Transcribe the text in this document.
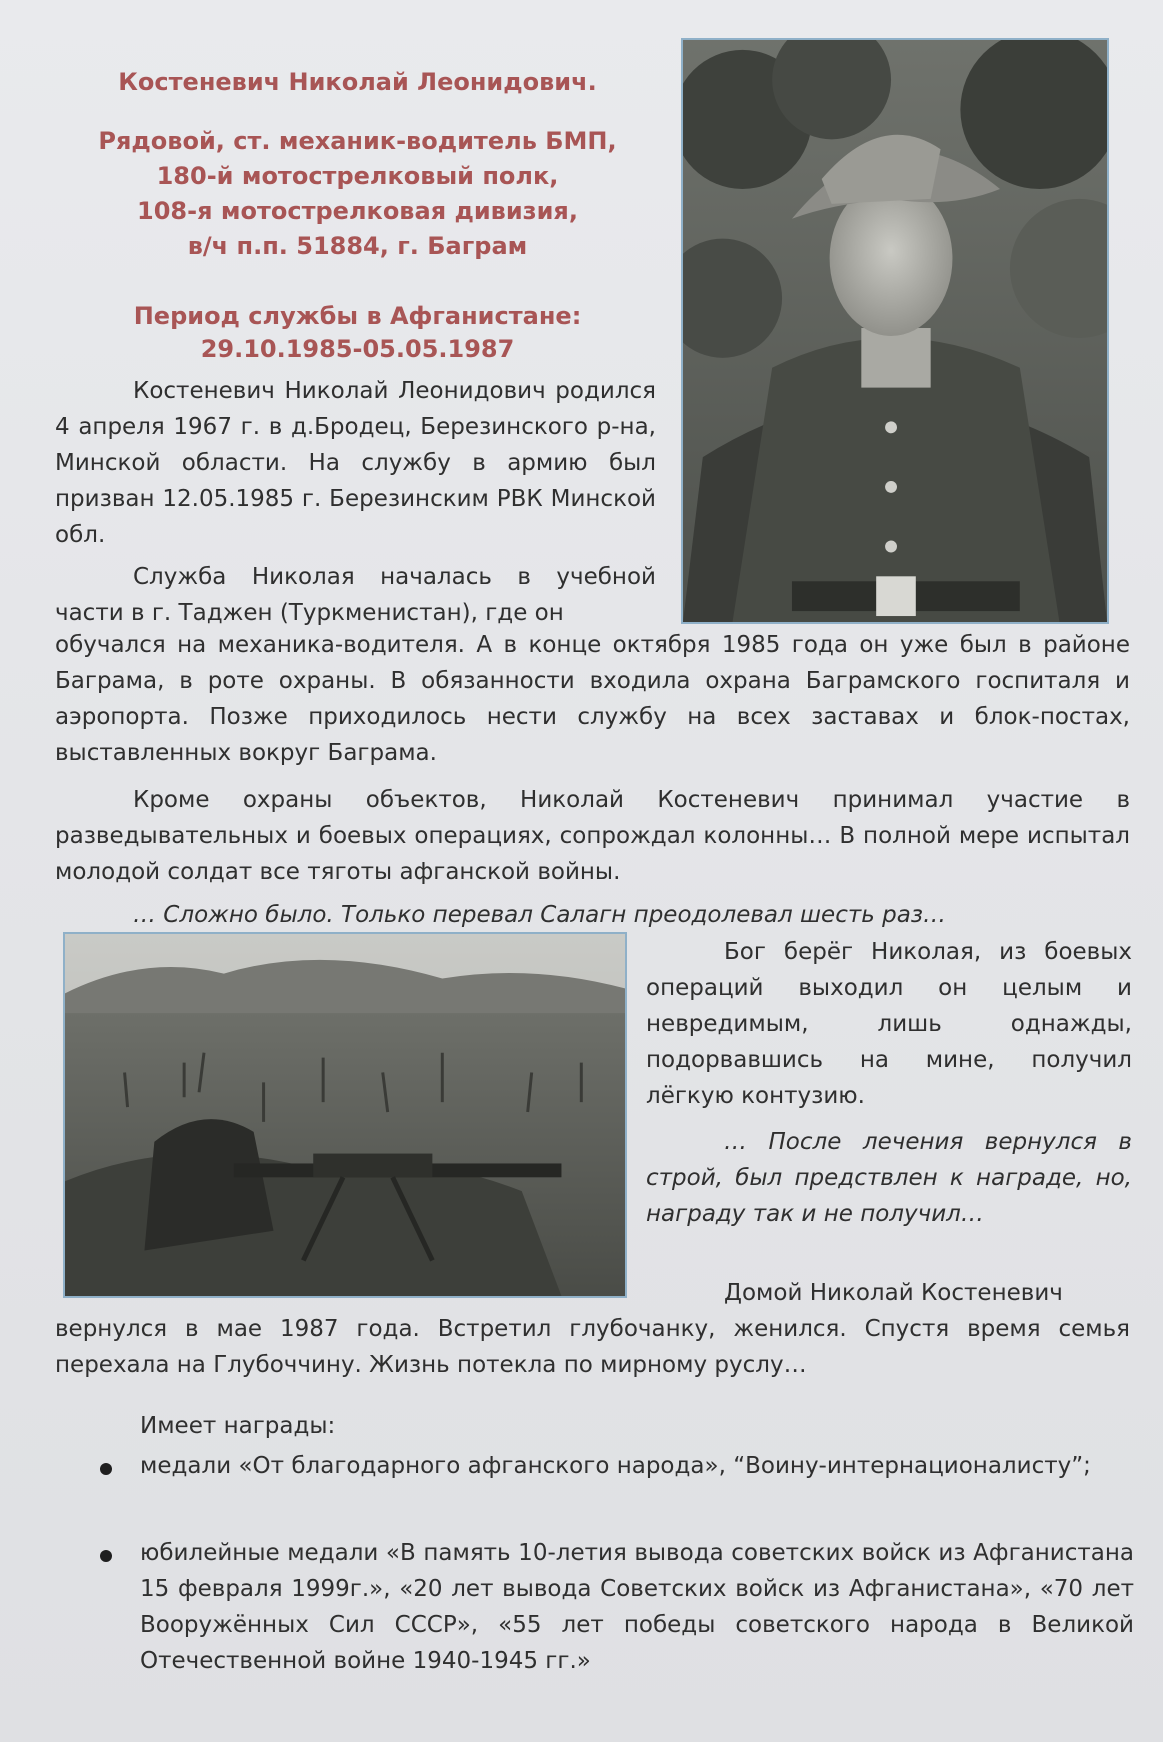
Костеневич Николай Леонидович.
Рядовой, ст. механик-водитель БМП,
180-й мотострелковый полк,
108-я мотострелковая дивизия,
в/ч п.п. 51884, г. Баграм
Период службы в Афганистане:
29.10.1985-05.05.1987

Костеневич Николай Леонидович родился 4 апреля 1967 г. в д.Бродец, Березинского р-на, Минской области. На службу в армию был призван 12.05.1985 г. Березинским РВК Минской обл.

Служба Николая началась в учебной части в г. Таджен (Туркменистан), где он

обучался на механика-водителя. А в конце октября 1985 года он уже был в районе Баграма, в роте охраны. В обязанности входила охрана Баграмского госпиталя и аэропорта. Позже приходилось нести службу на всех заставах и блок-постах, выставленных вокруг Баграма.

Кроме охраны объектов, Николай Костеневич принимал участие в разведывательных и боевых операциях, сопрождал колонны… В полной мере испытал молодой солдат все тяготы афганской войны.

… Сложно было. Только перевал Салагн преодолевал шесть раз…

Бог берёг Николая, из боевых операций выходил он целым и невредимым, лишь однажды, подорвавшись на мине, получил лёгкую контузию.

… После лечения вернулся в строй, был предствлен к награде, но, награду так и не получил…

Домой Николай Костеневич

вернулся в мае 1987 года. Встретил глубочанку, женился. Спустя время семья перехала на Глубоччину. Жизнь потекла по мирному руслу…

Имеет награды:
медали «От благодарного афганского народа», “Воину-интернационалисту”;
юбилейные медали «В память 10-летия вывода советских войск из Афганистана 15 февраля 1999г.», «20 лет вывода Советских войск из Афганистана», «70 лет Вооружённых Сил СССР», «55 лет победы советского народа в Великой Отечественной войне 1940-1945 гг.»
